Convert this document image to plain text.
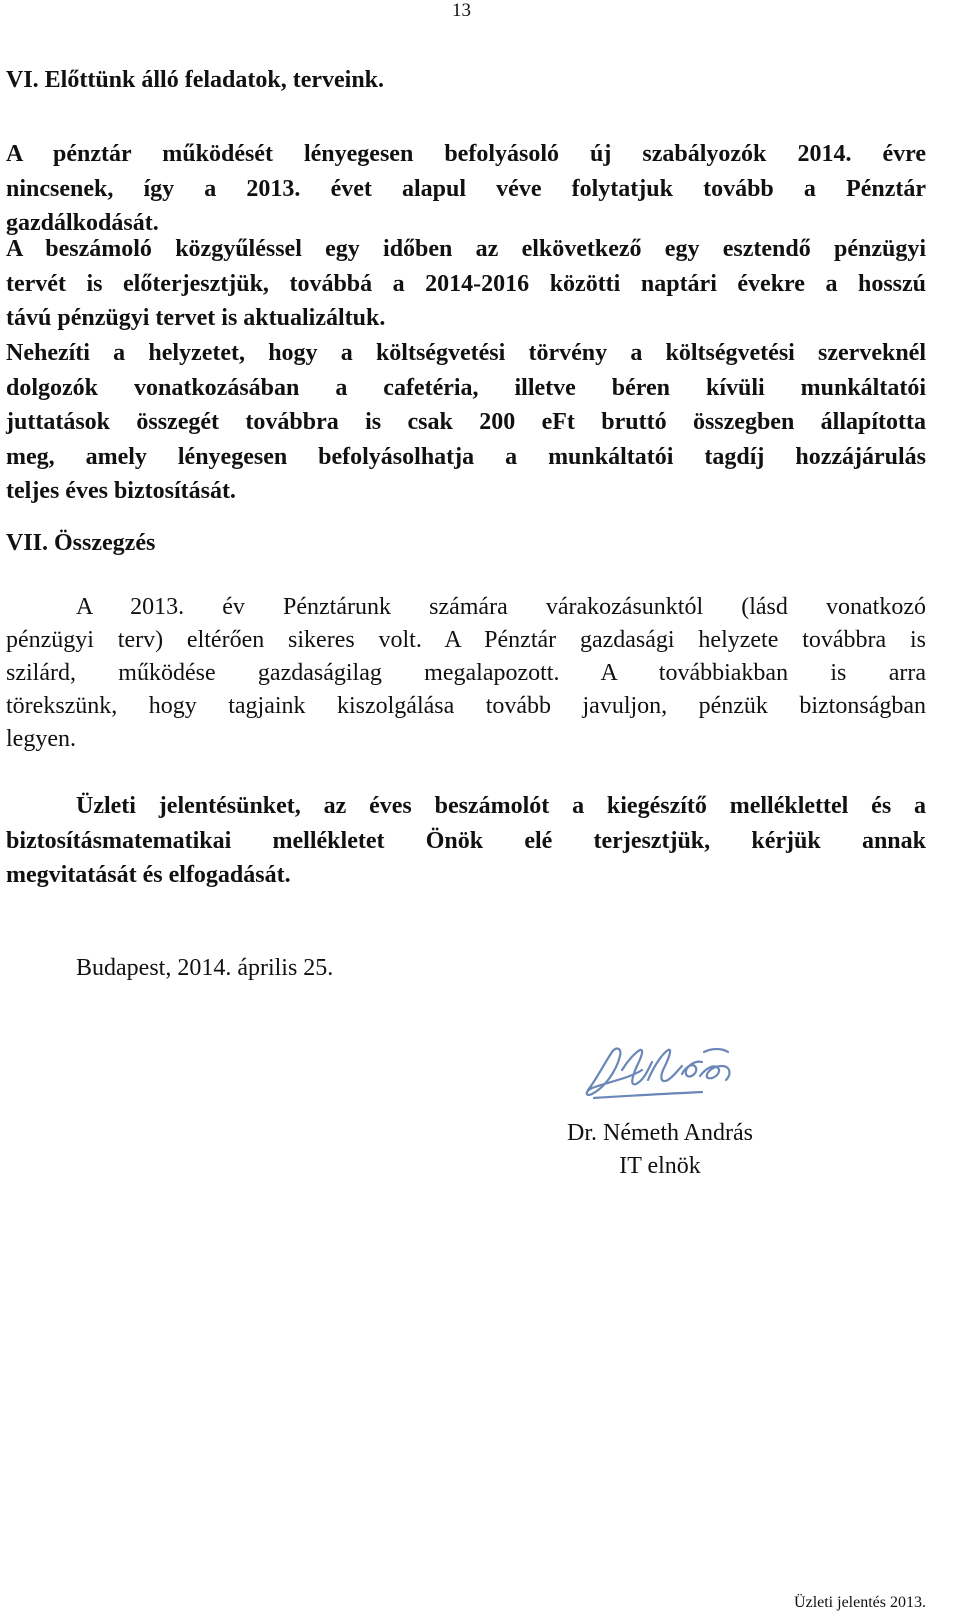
13
VI. Előttünk álló feladatok, terveink.
A pénztár működését lényegesen befolyásoló új szabályozók 2014. évre
nincsenek, így a 2013. évet alapul véve folytatjuk tovább a Pénztár
gazdálkodását.
A beszámoló közgyűléssel egy időben az elkövetkező egy esztendő pénzügyi
tervét is előterjesztjük, továbbá a 2014-2016 közötti naptári évekre a hosszú
távú pénzügyi tervet is aktualizáltuk.
Nehezíti a helyzetet, hogy a költségvetési törvény a költségvetési szerveknél
dolgozók vonatkozásában a cafetéria, illetve béren kívüli munkáltatói
juttatások összegét továbbra is csak 200 eFt bruttó összegben állapította
meg, amely lényegesen befolyásolhatja a munkáltatói tagdíj hozzájárulás
teljes éves biztosítását.
VII. Összegzés
A 2013. év Pénztárunk számára várakozásunktól (lásd vonatkozó
pénzügyi terv) eltérően sikeres volt. A Pénztár gazdasági helyzete továbbra is
szilárd, működése gazdaságilag megalapozott. A továbbiakban is arra
törekszünk, hogy tagjaink kiszolgálása tovább javuljon, pénzük biztonságban
legyen.
Üzleti jelentésünket, az éves beszámolót a kiegészítő melléklettel és a
biztosításmatematikai mellékletet Önök elé terjesztjük, kérjük annak
megvitatását és elfogadását.
Budapest, 2014. április 25.
Dr. Németh András
IT elnök
Üzleti jelentés 2013.
